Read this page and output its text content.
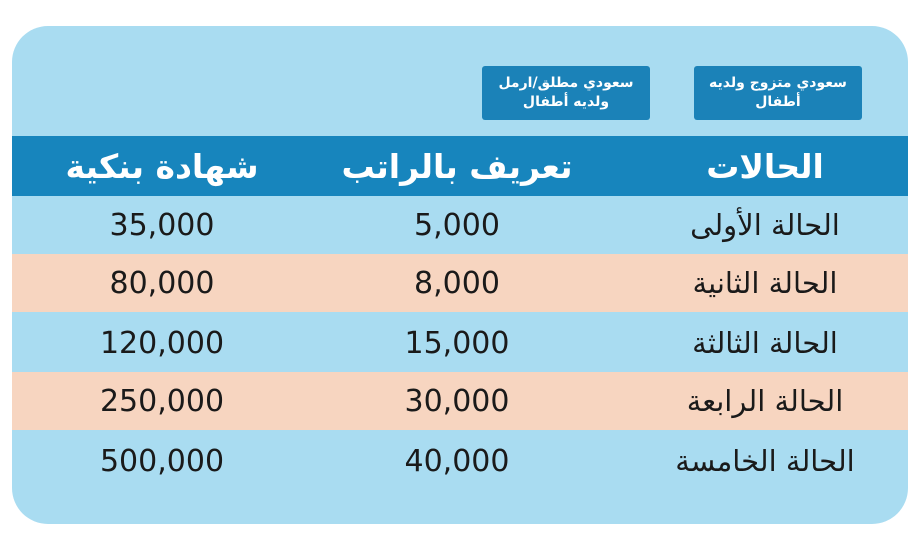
سعودي متزوج ولديه أطفال
سعودي مطلق/ارمل ولديه أطفال
الحالات
تعريف بالراتب
شهادة بنكية
الحالة الأولى
5,000
35,000
الحالة الثانية
8,000
80,000
الحالة الثالثة
15,000
120,000
الحالة الرابعة
30,000
250,000
الحالة الخامسة
40,000
500,000
